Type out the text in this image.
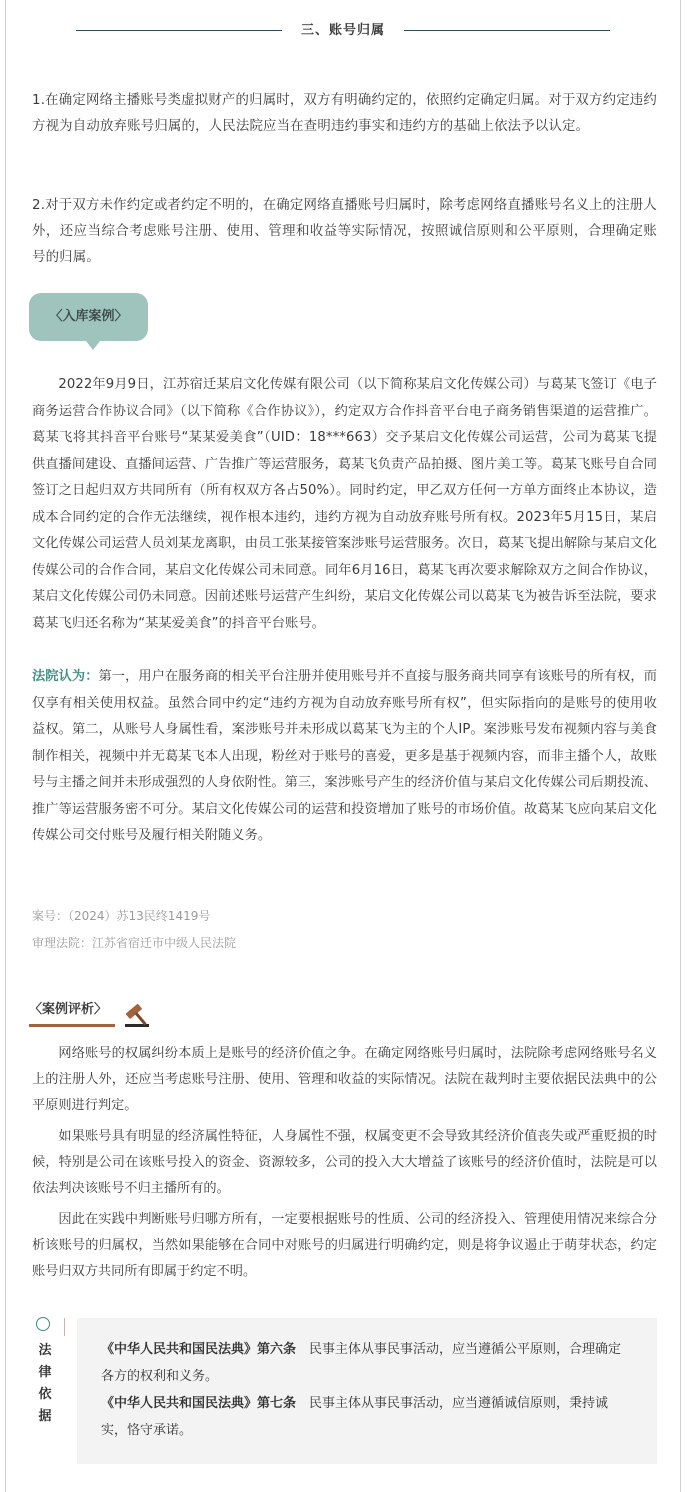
三、账号归属
1.在确定网络主播账号类虚拟财产的归属时，双方有明确约定的，依照约定确定归属。对于双方约定违约方视为自动放弃账号归属的，人民法院应当在查明违约事实和违约方的基础上依法予以认定。
2.对于双方未作约定或者约定不明的，在确定网络直播账号归属时，除考虑网络直播账号名义上的注册人外，还应当综合考虑账号注册、使用、管理和收益等实际情况，按照诚信原则和公平原则，合理确定账号的归属。
〈入库案例〉
2022年9月9日，江苏宿迁某启文化传媒有限公司（以下简称某启文化传媒公司）与葛某飞签订《电子商务运营合作协议合同》（以下简称《合作协议》），约定双方合作抖音平台电子商务销售渠道的运营推广。葛某飞将其抖音平台账号“某某爱美食”（UID：18***663）交予某启文化传媒公司运营，公司为葛某飞提供直播间建设、直播间运营、广告推广等运营服务，葛某飞负责产品拍摄、图片美工等。葛某飞账号自合同签订之日起归双方共同所有（所有权双方各占50%）。同时约定，甲乙双方任何一方单方面终止本协议，造成本合同约定的合作无法继续，视作根本违约，违约方视为自动放弃账号所有权。2023年5月15日，某启文化传媒公司运营人员刘某龙离职，由员工张某接管案涉账号运营服务。次日，葛某飞提出解除与某启文化传媒公司的合作合同，某启文化传媒公司未同意。同年6月16日，葛某飞再次要求解除双方之间合作协议，某启文化传媒公司仍未同意。因前述账号运营产生纠纷，某启文化传媒公司以葛某飞为被告诉至法院，要求葛某飞归还名称为“某某爱美食”的抖音平台账号。
法院认为：第一，用户在服务商的相关平台注册并使用账号并不直接与服务商共同享有该账号的所有权，而仅享有相关使用权益。虽然合同中约定“违约方视为自动放弃账号所有权”，但实际指向的是账号的使用收益权。第二，从账号人身属性看，案涉账号并未形成以葛某飞为主的个人IP。案涉账号发布视频内容与美食制作相关，视频中并无葛某飞本人出现，粉丝对于账号的喜爱，更多是基于视频内容，而非主播个人，故账号与主播之间并未形成强烈的人身依附性。第三，案涉账号产生的经济价值与某启文化传媒公司后期投流、推广等运营服务密不可分。某启文化传媒公司的运营和投资增加了账号的市场价值。故葛某飞应向某启文化传媒公司交付账号及履行相关附随义务。
案号：（2024）苏13民终1419号
审理法院：江苏省宿迁市中级人民法院
〈案例评析〉

网络账号的权属纠纷本质上是账号的经济价值之争。在确定网络账号归属时，法院除考虑网络账号名义上的注册人外，还应当考虑账号注册、使用、管理和收益的实际情况。法院在裁判时主要依据民法典中的公平原则进行判定。

如果账号具有明显的经济属性特征，人身属性不强，权属变更不会导致其经济价值丧失或严重贬损的时候，特别是公司在该账号投入的资金、资源较多，公司的投入大大增益了该账号的经济价值时，法院是可以依法判决该账号不归主播所有的。

因此在实践中判断账号归哪方所有，一定要根据账号的性质、公司的经济投入、管理使用情况来综合分析该账号的归属权，当然如果能够在合同中对账号的归属进行明确约定，则是将争议遏止于萌芽状态，约定账号归双方共同所有即属于约定不明。

法
律
依
据

《中华人民共和国民法典》第六条　民事主体从事民事活动，应当遵循公平原则，合理确定各方的权利和义务。

《中华人民共和国民法典》第七条　民事主体从事民事活动，应当遵循诚信原则，秉持诚实，恪守承诺。
